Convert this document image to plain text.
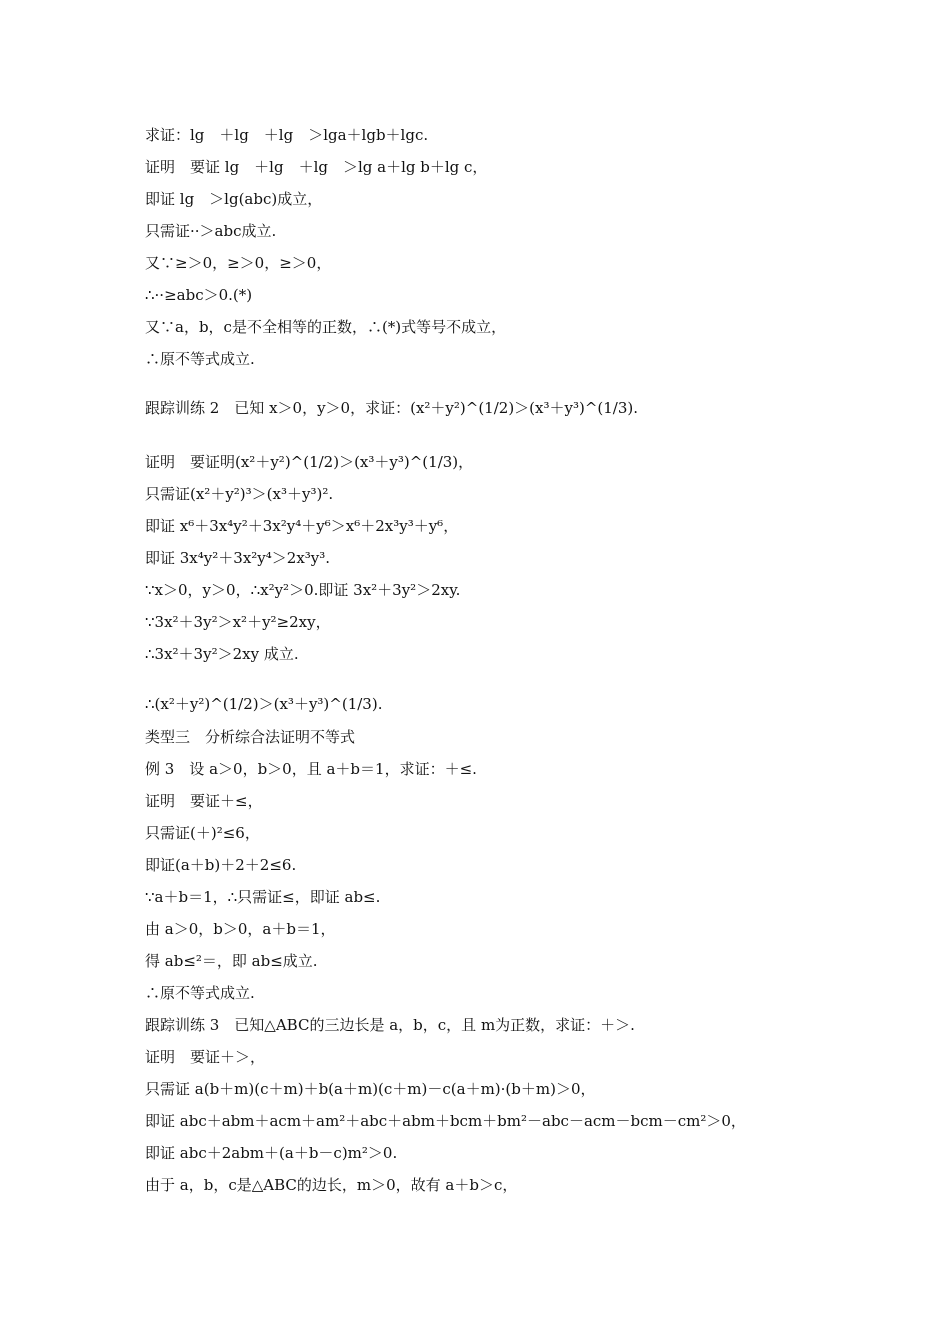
求证：lg　＋lg　＋lg　＞lga＋lgb＋lgc.

证明　要证 lg　＋lg　＋lg　＞lg a＋lg b＋lg c，

即证 lg　＞lg(abc)成立，

只需证··＞abc成立.

又∵≥＞0，≥＞0，≥＞0，

∴··≥abc＞0.(*)

又∵a，b，c是不全相等的正数，∴(*)式等号不成立，

∴原不等式成立.

跟踪训练 2　已知 x＞0，y＞0，求证：(x²＋y²)^(1/2)＞(x³＋y³)^(1/3).

证明　要证明(x²＋y²)^(1/2)＞(x³＋y³)^(1/3)，

只需证(x²＋y²)³＞(x³＋y³)².

即证 x⁶＋3x⁴y²＋3x²y⁴＋y⁶＞x⁶＋2x³y³＋y⁶，

即证 3x⁴y²＋3x²y⁴＞2x³y³.

∵x＞0，y＞0，∴x²y²＞0.即证 3x²＋3y²＞2xy.

∵3x²＋3y²＞x²＋y²≥2xy，

∴3x²＋3y²＞2xy 成立.

∴(x²＋y²)^(1/2)＞(x³＋y³)^(1/3).

类型三　分析综合法证明不等式

例 3　设 a＞0，b＞0，且 a＋b＝1，求证：＋≤.

证明　要证＋≤，

只需证(＋)²≤6，

即证(a＋b)＋2＋2≤6.

∵a＋b＝1，∴只需证≤，即证 ab≤.

由 a＞0，b＞0，a＋b＝1，

得 ab≤²＝，即 ab≤成立.

∴原不等式成立.

跟踪训练 3　已知△ABC的三边长是 a，b，c，且 m为正数，求证：＋＞.

证明　要证＋＞，

只需证 a(b＋m)(c＋m)＋b(a＋m)(c＋m)－c(a＋m)·(b＋m)＞0，

即证 abc＋abm＋acm＋am²＋abc＋abm＋bcm＋bm²－abc－acm－bcm－cm²＞0，

即证 abc＋2abm＋(a＋b－c)m²＞0.

由于 a，b，c是△ABC的边长，m＞0，故有 a＋b＞c，
